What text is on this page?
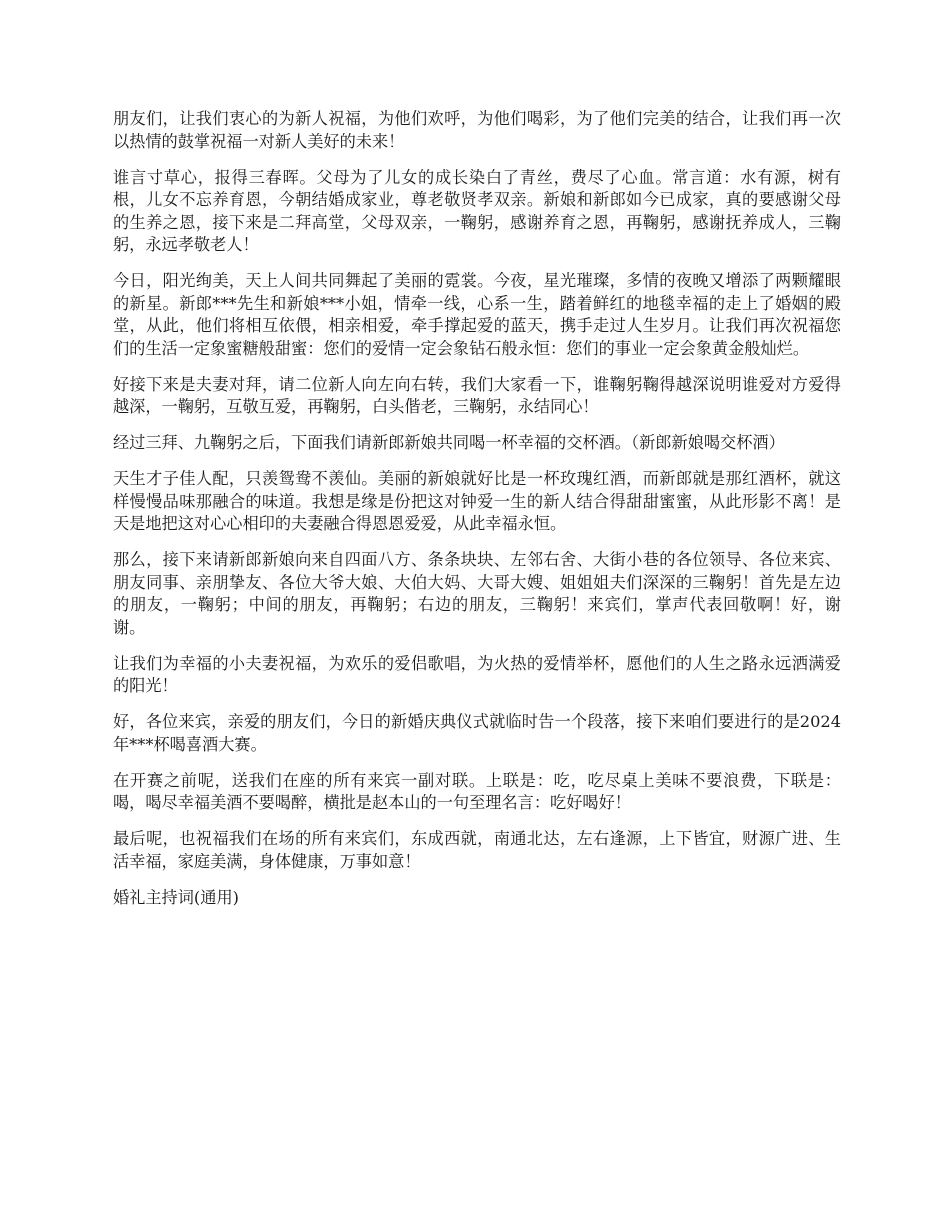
朋友们，让我们衷心的为新人祝福，为他们欢呼，为他们喝彩，为了他们完美的结合，让我们再一次以热情的鼓掌祝福一对新人美好的未来！

谁言寸草心，报得三春晖。父母为了儿女的成长染白了青丝，费尽了心血。常言道：水有源，树有根，儿女不忘养育恩，今朝结婚成家业，尊老敬贤孝双亲。新娘和新郎如今已成家，真的要感谢父母的生养之恩，接下来是二拜高堂，父母双亲，一鞠躬，感谢养育之恩，再鞠躬，感谢抚养成人，三鞠躬，永远孝敬老人！

今日，阳光绚美，天上人间共同舞起了美丽的霓裳。今夜，星光璀璨，多情的夜晚又增添了两颗耀眼的新星。新郎***先生和新娘***小姐，情牵一线，心系一生，踏着鲜红的地毯幸福的走上了婚姻的殿堂，从此，他们将相互依偎，相亲相爱，牵手撑起爱的蓝天，携手走过人生岁月。让我们再次祝福您们的生活一定象蜜糖般甜蜜：您们的爱情一定会象钻石般永恒：您们的事业一定会象黄金般灿烂。

好接下来是夫妻对拜，请二位新人向左向右转，我们大家看一下，谁鞠躬鞠得越深说明谁爱对方爱得越深，一鞠躬，互敬互爱，再鞠躬，白头偕老，三鞠躬，永结同心！

经过三拜、九鞠躬之后，下面我们请新郎新娘共同喝一杯幸福的交杯酒。（新郎新娘喝交杯酒）

天生才子佳人配，只羡鸳鸯不羡仙。美丽的新娘就好比是一杯玫瑰红酒，而新郎就是那红酒杯，就这样慢慢品味那融合的味道。我想是缘是份把这对钟爱一生的新人结合得甜甜蜜蜜，从此形影不离！是天是地把这对心心相印的夫妻融合得恩恩爱爱，从此幸福永恒。

那么，接下来请新郎新娘向来自四面八方、条条块块、左邻右舍、大街小巷的各位领导、各位来宾、朋友同事、亲朋挚友、各位大爷大娘、大伯大妈、大哥大嫂、姐姐姐夫们深深的三鞠躬！首先是左边的朋友，一鞠躬；中间的朋友，再鞠躬；右边的朋友，三鞠躬！来宾们，掌声代表回敬啊！好，谢谢。

让我们为幸福的小夫妻祝福，为欢乐的爱侣歌唱，为火热的爱情举杯，愿他们的人生之路永远洒满爱的阳光！

好，各位来宾，亲爱的朋友们，今日的新婚庆典仪式就临时告一个段落，接下来咱们要进行的是2024年***杯喝喜酒大赛。

在开赛之前呢，送我们在座的所有来宾一副对联。上联是：吃，吃尽桌上美味不要浪费，下联是：喝，喝尽幸福美酒不要喝醉，横批是赵本山的一句至理名言：吃好喝好！

最后呢，也祝福我们在场的所有来宾们，东成西就，南通北达，左右逢源，上下皆宜，财源广进、生活幸福，家庭美满，身体健康，万事如意！

婚礼主持词(通用)
